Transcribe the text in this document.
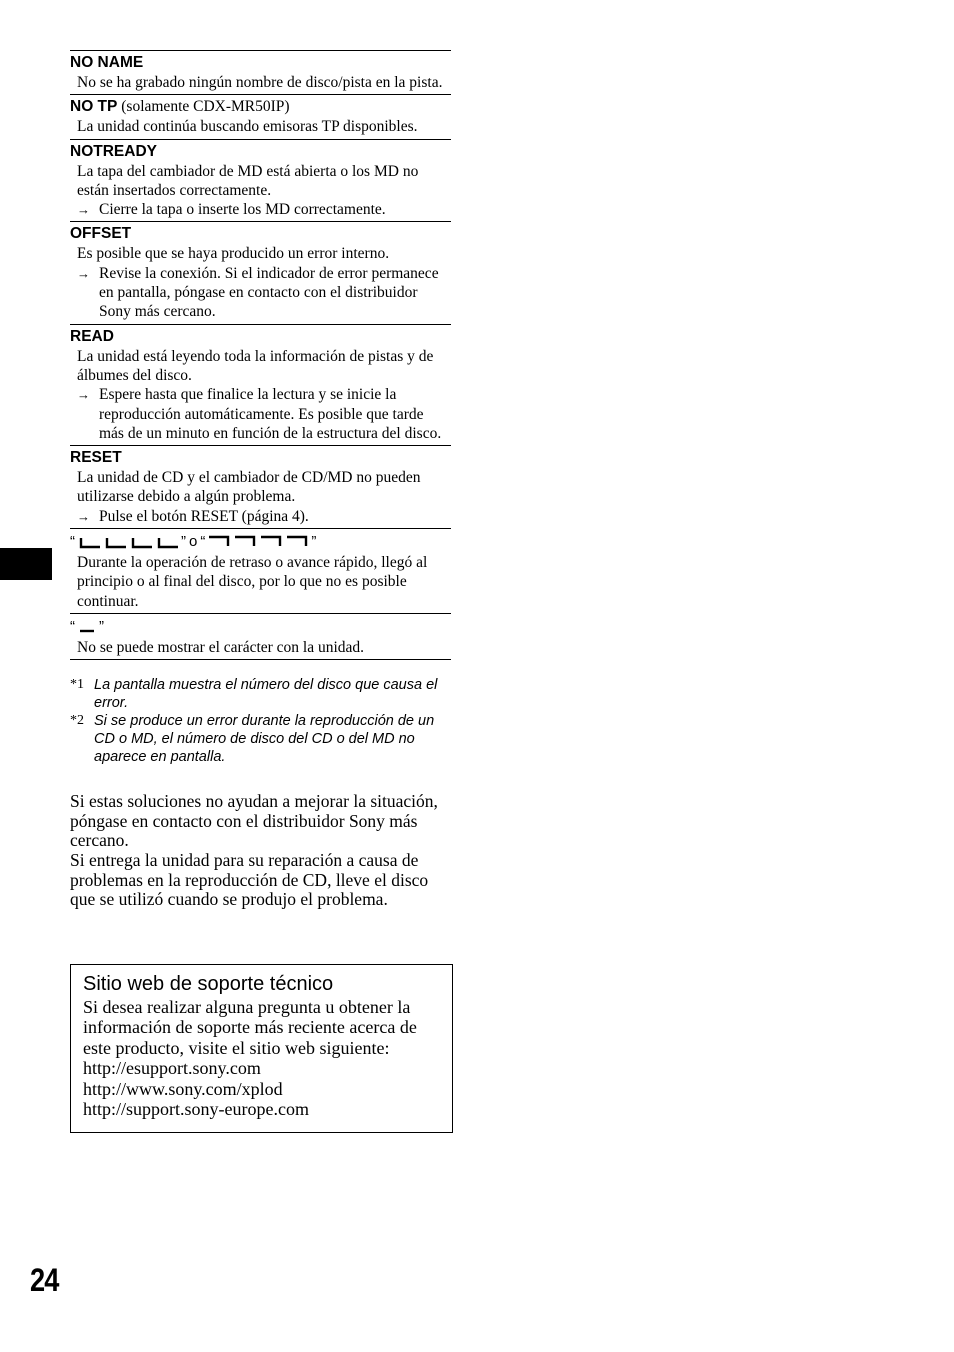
NO NAME
No se ha grabado ningún nombre de disco/pista en la pista.
NO TP (solamente CDX-MR50IP)
La unidad continúa buscando emisoras TP disponibles.
NOTREADY
La tapa del cambiador de MD está abierta o los MD no están insertados correctamente.
→ Cierre la tapa o inserte los MD correctamente.
OFFSET
Es posible que se haya producido un error interno.
→ Revise la conexión. Si el indicador de error permanece en pantalla, póngase en contacto con el distribuidor Sony más cercano.
READ
La unidad está leyendo toda la información de pistas y de álbumes del disco.
→ Espere hasta que finalice la lectura y se inicie la reproducción automáticamente. Es posible que tarde más de un minuto en función de la estructura del disco.
RESET
La unidad de CD y el cambiador de CD/MD no pueden utilizarse debido a algún problema.
→ Pulse el botón RESET (página 4).
“	” o “	”
Durante la operación de retraso o avance rápido, llegó al principio o al final del disco, por lo que no es posible continuar.
“ ”
No se puede mostrar el carácter con la unidad.
*1 La pantalla muestra el número del disco que causa el error.
*2 Si se produce un error durante la reproducción de un CD o MD, el número de disco del CD o del MD no aparece en pantalla.
Si estas soluciones no ayudan a mejorar la situación, póngase en contacto con el distribuidor Sony más cercano.
Si entrega la unidad para su reparación a causa de problemas en la reproducción de CD, lleve el disco que se utilizó cuando se produjo el problema.
Sitio web de soporte técnico
Si desea realizar alguna pregunta u obtener la información de soporte más reciente acerca de este producto, visite el sitio web siguiente:
http://esupport.sony.com
http://www.sony.com/xplod
http://support.sony-europe.com
24
